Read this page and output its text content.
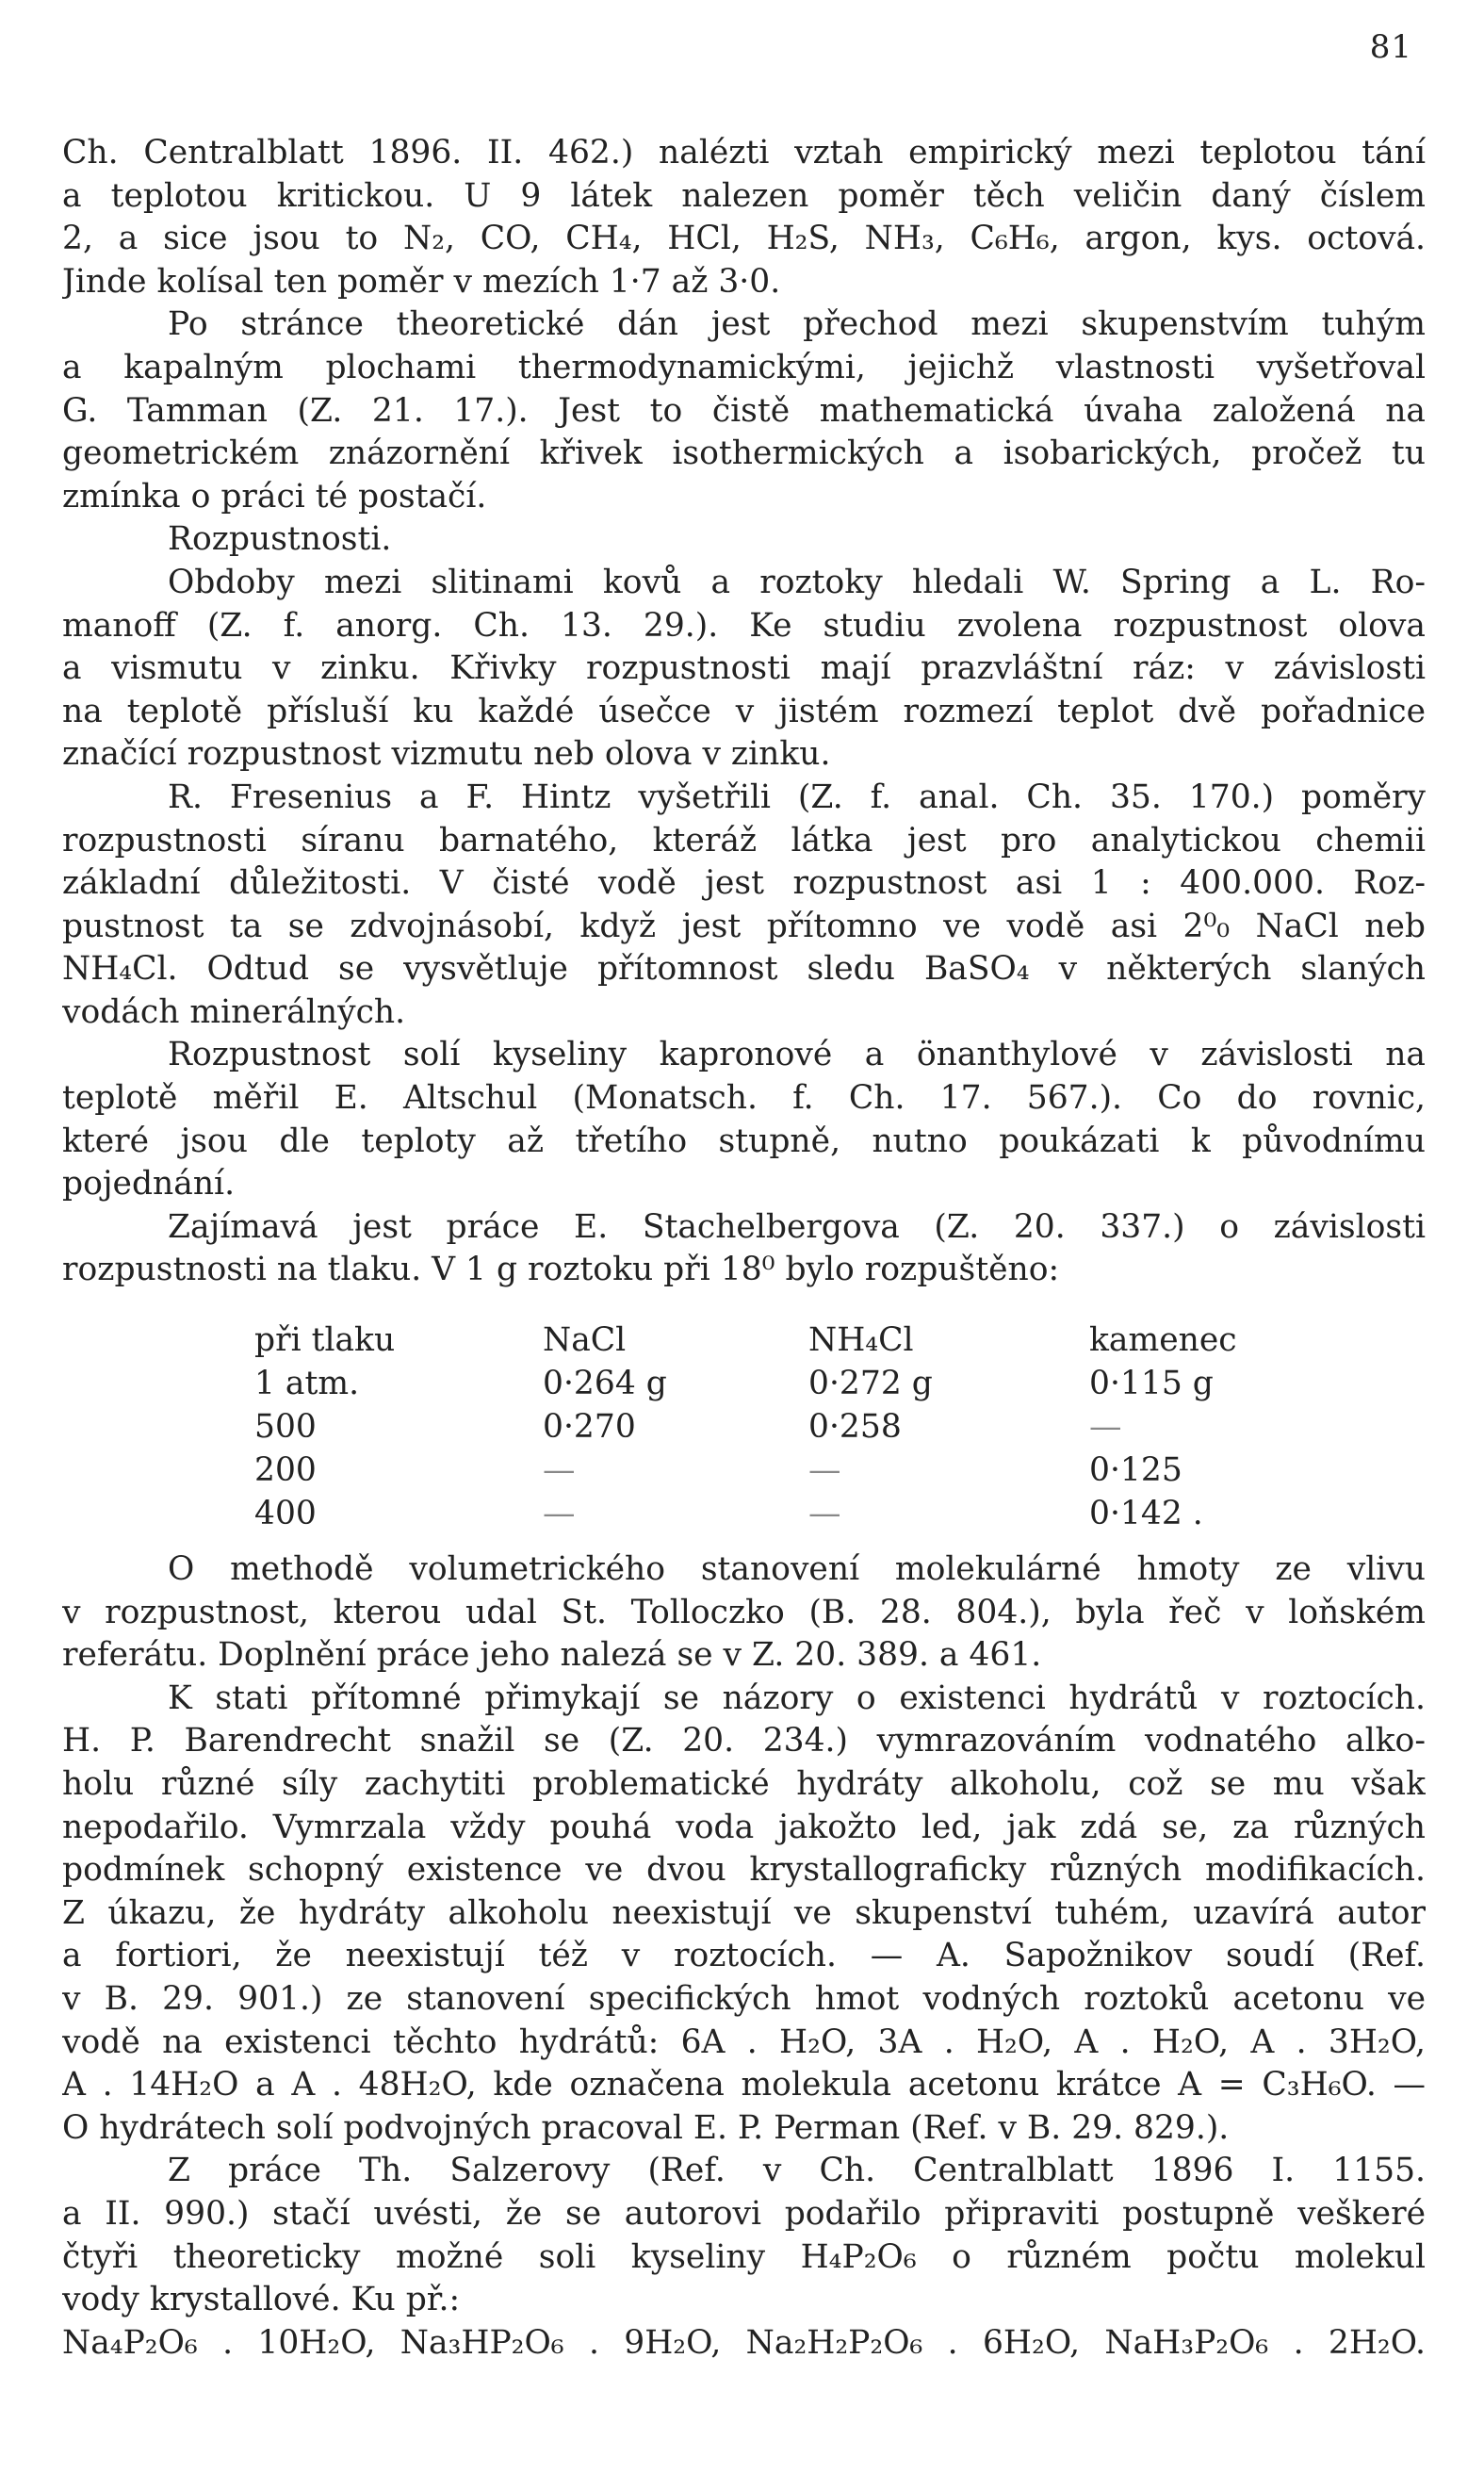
81
Ch. Centralblatt 1896. II. 462.) nalézti vztah empirický mezi teplotou tání
a teplotou kritickou. U 9 látek nalezen poměr těch veličin daný číslem
2, a sice jsou to N₂, CO, CH₄, HCl, H₂S, NH₃, C₆H₆, argon, kys. octová.
Jinde kolísal ten poměr v mezích 1·7 až 3·0.
Po stránce theoretické dán jest přechod mezi skupenstvím tuhým
a kapalným plochami thermodynamickými, jejichž vlastnosti vyšetřoval
G. Tamman (Z. 21. 17.). Jest to čistě mathematická úvaha založená na
geometrickém znázornění křivek isothermických a isobarických, pročež tu
zmínka o práci té postačí.
Rozpustnosti.
Obdoby mezi slitinami kovů a roztoky hledali W. Spring a L. Ro-
manoff (Z. f. anorg. Ch. 13. 29.). Ke studiu zvolena rozpustnost olova
a vismutu v zinku. Křivky rozpustnosti mají prazvláštní ráz: v závislosti
na teplotě přísluší ku každé úsečce v jistém rozmezí teplot dvě pořadnice
značící rozpustnost vizmutu neb olova v zinku.
R. Fresenius a F. Hintz vyšetřili (Z. f. anal. Ch. 35. 170.) poměry
rozpustnosti síranu barnatého, kteráž látka jest pro analytickou chemii
základní důležitosti. V čisté vodě jest rozpustnost asi 1 : 400.000. Roz-
pustnost ta se zdvojnásobí, když jest přítomno ve vodě asi 2⁰₀ NaCl neb
NH₄Cl. Odtud se vysvětluje přítomnost sledu BaSO₄ v některých slaných
vodách minerálných.
Rozpustnost solí kyseliny kapronové a önanthylové v závislosti na
teplotě měřil E. Altschul (Monatsch. f. Ch. 17. 567.). Co do rovnic,
které jsou dle teploty až třetího stupně, nutno poukázati k původnímu
pojednání.
Zajímavá jest práce E. Stachelbergova (Z. 20. 337.) o závislosti
rozpustnosti na tlaku. V 1 g roztoku při 18⁰ bylo rozpuštěno:
při tlaku	NaCl	NH₄Cl	kamenec
1 atm.	0·264 g	0·272 g	0·115 g
500	0·270	0·258	—
200	—	—	0·125
400	—	—	0·142 .
O methodě volumetrického stanovení molekulárné hmoty ze vlivu
v rozpustnost, kterou udal St. Tolloczko (B. 28. 804.), byla řeč v loňském
referátu. Doplnění práce jeho nalezá se v Z. 20. 389. a 461.
K stati přítomné přimykají se názory o existenci hydrátů v roztocích.
H. P. Barendrecht snažil se (Z. 20. 234.) vymrazováním vodnatého alko-
holu různé síly zachytiti problematické hydráty alkoholu, což se mu však
nepodařilo. Vymrzala vždy pouhá voda jakožto led, jak zdá se, za různých
podmínek schopný existence ve dvou krystallograficky různých modifikacích.
Z úkazu, že hydráty alkoholu neexistují ve skupenství tuhém, uzavírá autor
a fortiori, že neexistují též v roztocích. — A. Sapožnikov soudí (Ref.
v B. 29. 901.) ze stanovení specifických hmot vodných roztoků acetonu ve
vodě na existenci těchto hydrátů: 6A . H₂O, 3A . H₂O, A . H₂O, A . 3H₂O,
A . 14H₂O a A . 48H₂O, kde označena molekula acetonu krátce A = C₃H₆O. —
O hydrátech solí podvojných pracoval E. P. Perman (Ref. v B. 29. 829.).
Z práce Th. Salzerovy (Ref. v Ch. Centralblatt 1896 I. 1155.
a II. 990.) stačí uvésti, že se autorovi podařilo připraviti postupně veškeré
čtyři theoreticky možné soli kyseliny H₄P₂O₆ o různém počtu molekul
vody krystallové. Ku př.:
Na₄P₂O₆ . 10H₂O, Na₃HP₂O₆ . 9H₂O, Na₂H₂P₂O₆ . 6H₂O, NaH₃P₂O₆ . 2H₂O.
